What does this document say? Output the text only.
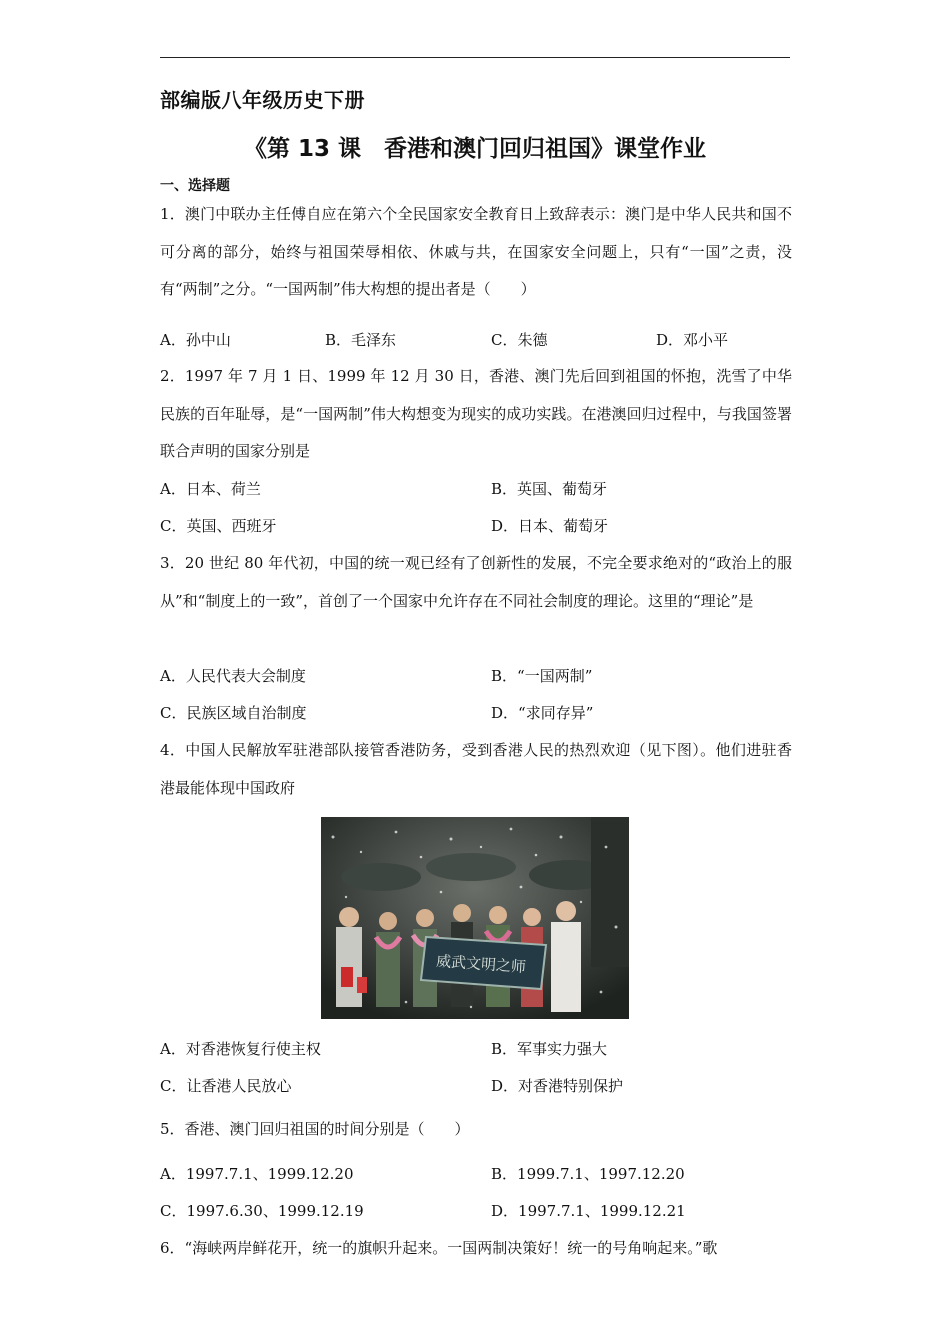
部编版八年级历史下册
《第 13 课　香港和澳门回归祖国》课堂作业
一、选择题
1．澳门中联办主任傅自应在第六个全民国家安全教育日上致辞表示：澳门是中华人民共和国不可分离的部分，始终与祖国荣辱相依、休戚与共，在国家安全问题上，只有“一国”之责，没有“两制”之分。“一国两制”伟大构想的提出者是（　　）
A．孙中山	B．毛泽东	C．朱德	D．邓小平
2．1997 年 7 月 1 日、1999 年 12 月 30 日，香港、澳门先后回到祖国的怀抱，洗雪了中华民族的百年耻辱，是“一国两制”伟大构想变为现实的成功实践。在港澳回归过程中，与我国签署联合声明的国家分别是
A．日本、荷兰	B．英国、葡萄牙
C．英国、西班牙	D．日本、葡萄牙
3．20 世纪 80 年代初，中国的统一观已经有了创新性的发展，不完全要求绝对的“政治上的服从”和“制度上的一致”，首创了一个国家中允许存在不同社会制度的理论。这里的“理论”是
A．人民代表大会制度	B．“一国两制”
C．民族区域自治制度	D．“求同存异”
4．中国人民解放军驻港部队接管香港防务，受到香港人民的热烈欢迎（见下图）。他们进驻香港最能体现中国政府
威武文明之师
A．对香港恢复行使主权	B．军事实力强大
C．让香港人民放心	D．对香港特别保护
5．香港、澳门回归祖国的时间分别是（　　）
A．1997.7.1、1999.12.20	B．1999.7.1、1997.12.20
C．1997.6.30、1999.12.19	D．1997.7.1、1999.12.21
6．“海峡两岸鲜花开，统一的旗帜升起来。一国两制决策好！统一的号角响起来。”歌
